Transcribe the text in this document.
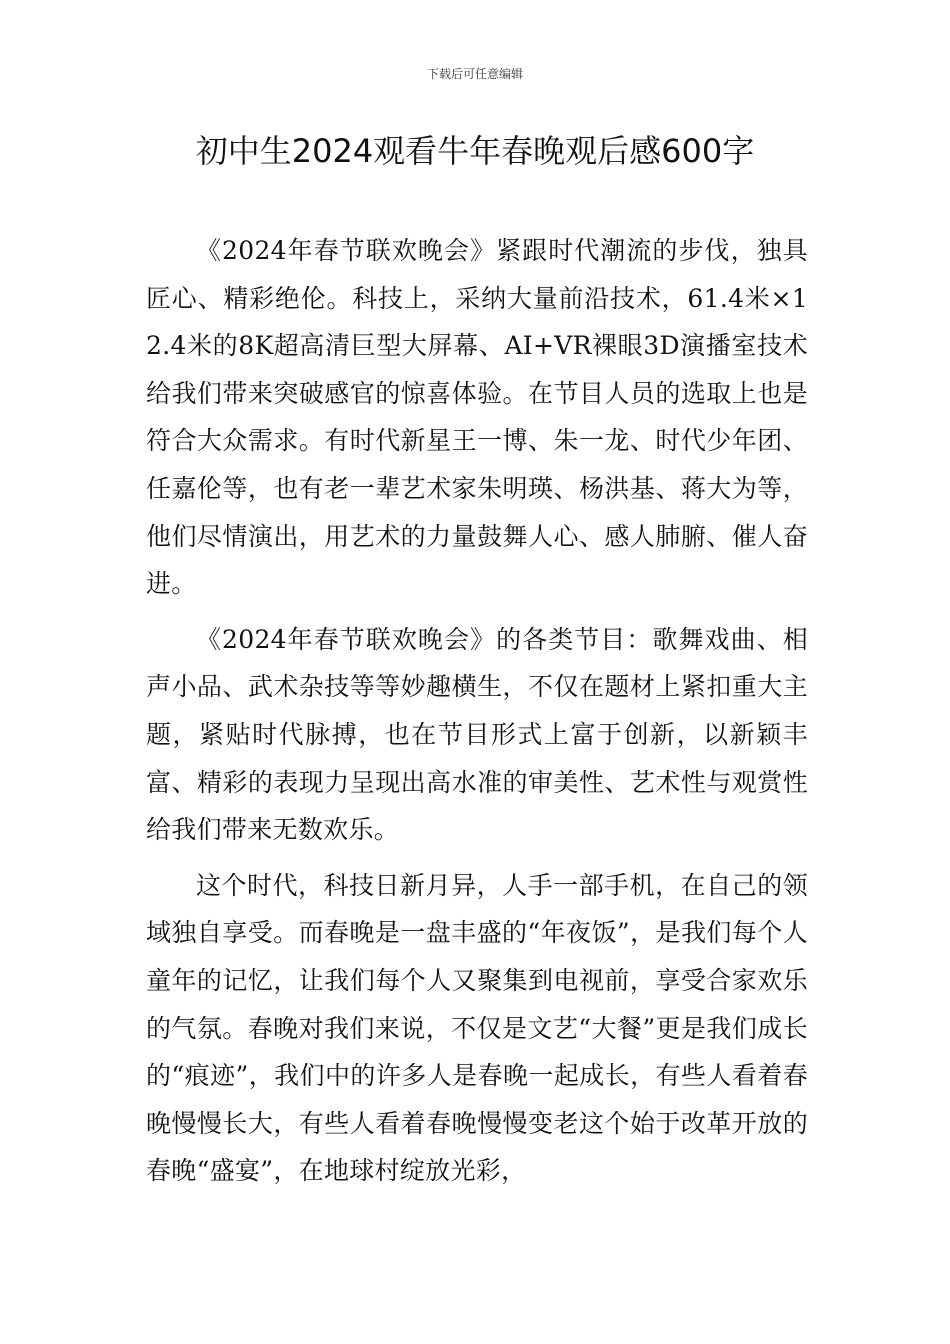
下载后可任意编辑
初中生2024观看牛年春晚观后感600字

《2024年春节联欢晚会》紧跟时代潮流的步伐，独具匠心、精彩绝伦。科技上，采纳大量前沿技术，61.4米×12.4米的8K超高清巨型大屏幕、AI+VR裸眼3D演播室技术给我们带来突破感官的惊喜体验。在节目人员的选取上也是符合大众需求。有时代新星王一博、朱一龙、时代少年团、任嘉伦等，也有老一辈艺术家朱明瑛、杨洪基、蒋大为等，他们尽情演出，用艺术的力量鼓舞人心、感人肺腑、催人奋进。

《2024年春节联欢晚会》的各类节目：歌舞戏曲、相声小品、武术杂技等等妙趣横生，不仅在题材上紧扣重大主题，紧贴时代脉搏，也在节目形式上富于创新，以新颖丰富、精彩的表现力呈现出高水准的审美性、艺术性与观赏性给我们带来无数欢乐。

这个时代，科技日新月异，人手一部手机，在自己的领域独自享受。而春晚是一盘丰盛的“年夜饭”，是我们每个人童年的记忆，让我们每个人又聚集到电视前，享受合家欢乐的气氛。春晚对我们来说，不仅是文艺“大餐”更是我们成长的“痕迹”，我们中的许多人是春晚一起成长，有些人看着春晚慢慢长大，有些人看着春晚慢慢变老这个始于改革开放的春晚“盛宴”，在地球村绽放光彩，
